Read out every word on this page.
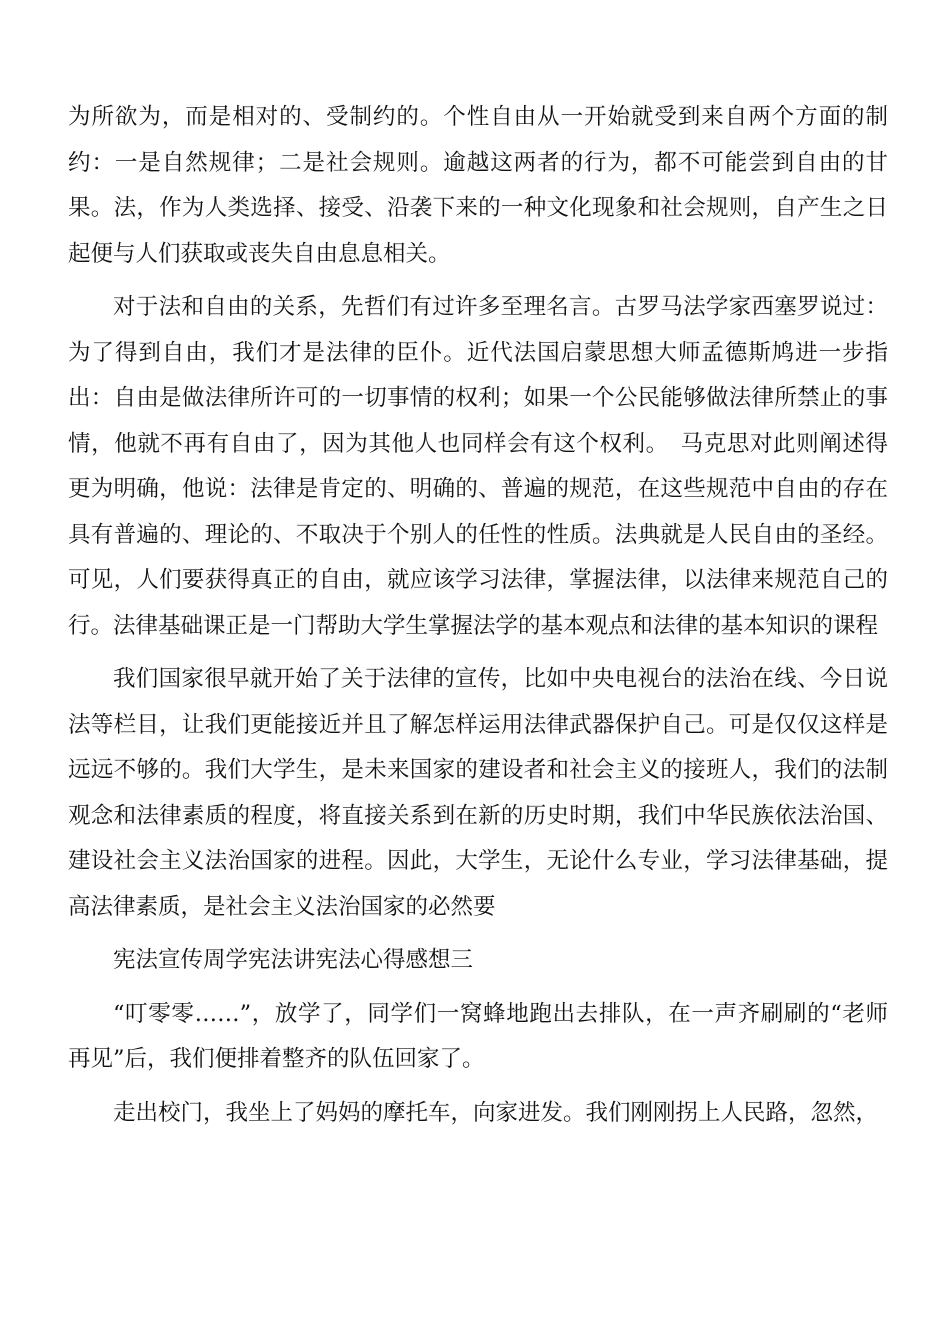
为所欲为，而是相对的、受制约的。个性自由从一开始就受到来自两个方面的制约：一是自然规律；二是社会规则。逾越这两者的行为，都不可能尝到自由的甘果。法，作为人类选择、接受、沿袭下来的一种文化现象和社会规则，自产生之日起便与人们获取或丧失自由息息相关。

对于法和自由的关系，先哲们有过许多至理名言。古罗马法学家西塞罗说过：为了得到自由，我们才是法律的臣仆。近代法国启蒙思想大师孟德斯鸠进一步指出：自由是做法律所许可的一切事情的权利；如果一个公民能够做法律所禁止的事情，他就不再有自由了，因为其他人也同样会有这个权利。　马克思对此则阐述得更为明确，他说：法律是肯定的、明确的、普遍的规范，在这些规范中自由的存在具有普遍的、理论的、不取决于个别人的任性的性质。法典就是人民自由的圣经。可见，人们要获得真正的自由，就应该学习法律，掌握法律，以法律来规范自己的行。法律基础课正是一门帮助大学生掌握法学的基本观点和法律的基本知识的课程

我们国家很早就开始了关于法律的宣传，比如中央电视台的法治在线、今日说法等栏目，让我们更能接近并且了解怎样运用法律武器保护自己。可是仅仅这样是远远不够的。我们大学生，是未来国家的建设者和社会主义的接班人，我们的法制观念和法律素质的程度，将直接关系到在新的历史时期，我们中华民族依法治国、建设社会主义法治国家的进程。因此，大学生，无论什么专业，学习法律基础，提高法律素质，是社会主义法治国家的必然要

宪法宣传周学宪法讲宪法心得感想三

“叮零零……”，放学了，同学们一窝蜂地跑出去排队，在一声齐刷刷的“老师再见”后，我们便排着整齐的队伍回家了。

走出校门，我坐上了妈妈的摩托车，向家进发。我们刚刚拐上人民路，忽然，
